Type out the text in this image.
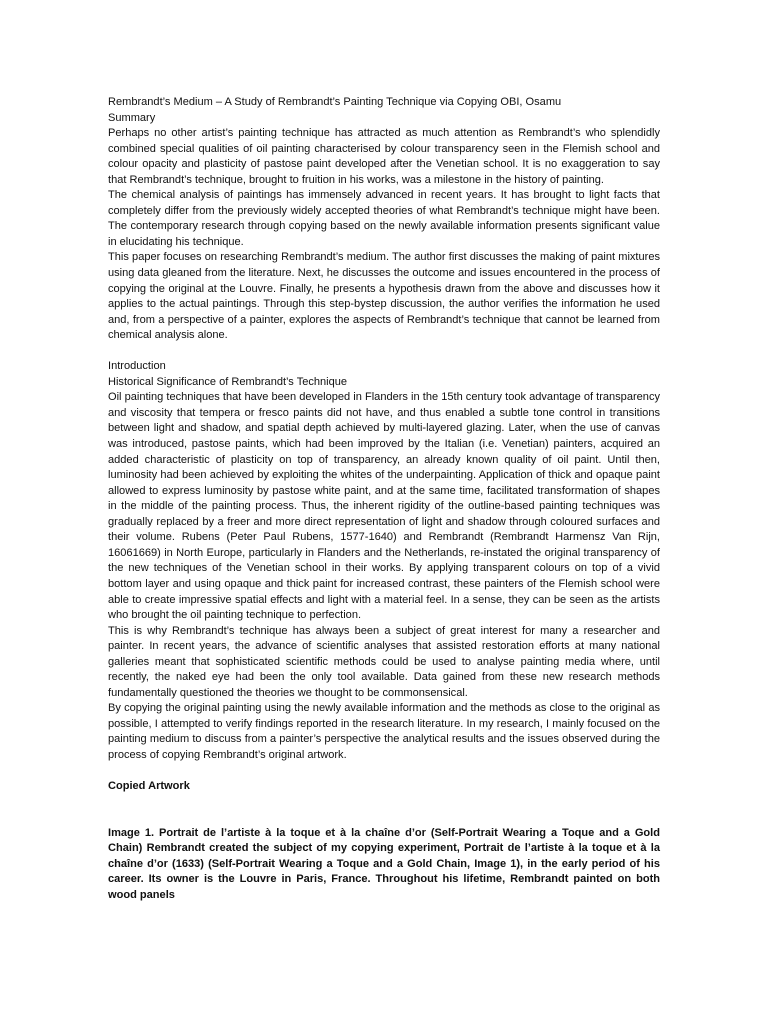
Rembrandt’s Medium – A Study of Rembrandt’s Painting Technique via Copying OBI, Osamu

Summary

Perhaps no other artist’s painting technique has attracted as much attention as Rembrandt’s who splendidly combined special qualities of oil painting characterised by colour transparency seen in the Flemish school and colour opacity and plasticity of pastose paint developed after the Venetian school. It is no exaggeration to say that Rembrandt’s technique, brought to fruition in his works, was a milestone in the history of painting.

The chemical analysis of paintings has immensely advanced in recent years. It has brought to light facts that completely differ from the previously widely accepted theories of what Rembrandt’s technique might have been. The contemporary research through copying based on the newly available information presents significant value in elucidating his technique.

This paper focuses on researching Rembrandt’s medium. The author first discusses the making of paint mixtures using data gleaned from the literature. Next, he discusses the outcome and issues encountered in the process of copying the original at the Louvre. Finally, he presents a hypothesis drawn from the above and discusses how it applies to the actual paintings. Through this step-bystep discussion, the author verifies the information he used and, from a perspective of a painter, explores the aspects of Rembrandt’s technique that cannot be learned from chemical analysis alone.

Introduction

Historical Significance of Rembrandt’s Technique

Oil painting techniques that have been developed in Flanders in the 15th century took advantage of transparency and viscosity that tempera or fresco paints did not have, and thus enabled a subtle tone control in transitions between light and shadow, and spatial depth achieved by multi-layered glazing. Later, when the use of canvas was introduced, pastose paints, which had been improved by the Italian (i.e. Venetian) painters, acquired an added characteristic of plasticity on top of transparency, an already known quality of oil paint. Until then, luminosity had been achieved by exploiting the whites of the underpainting. Application of thick and opaque paint allowed to express luminosity by pastose white paint, and at the same time, facilitated transformation of shapes in the middle of the painting process. Thus, the inherent rigidity of the outline-based painting techniques was gradually replaced by a freer and more direct representation of light and shadow through coloured surfaces and their volume. Rubens (Peter Paul Rubens, 1577-1640) and Rembrandt (Rembrandt Harmensz Van Rijn, 16061669) in North Europe, particularly in Flanders and the Netherlands, re-instated the original transparency of the new techniques of the Venetian school in their works. By applying transparent colours on top of a vivid bottom layer and using opaque and thick paint for increased contrast, these painters of the Flemish school were able to create impressive spatial effects and light with a material feel. In a sense, they can be seen as the artists who brought the oil painting technique to perfection.

This is why Rembrandt’s technique has always been a subject of great interest for many a researcher and painter. In recent years, the advance of scientific analyses that assisted restoration efforts at many national galleries meant that sophisticated scientific methods could be used to analyse painting media where, until recently, the naked eye had been the only tool available. Data gained from these new research methods fundamentally questioned the theories we thought to be commonsensical.

By copying the original painting using the newly available information and the methods as close to the original as possible, I attempted to verify findings reported in the research literature. In my research, I mainly focused on the painting medium to discuss from a painter’s perspective the analytical results and the issues observed during the process of copying Rembrandt’s original artwork.

Copied Artwork

Image 1. Portrait de l’artiste à la toque et à la chaîne d’or (Self-Portrait Wearing a Toque and a Gold Chain) Rembrandt created the subject of my copying experiment, Portrait de l’artiste à la toque et à la chaîne d’or (1633) (Self-Portrait Wearing a Toque and a Gold Chain, Image 1), in the early period of his career. Its owner is the Louvre in Paris, France. Throughout his lifetime, Rembrandt painted on both wood panels
